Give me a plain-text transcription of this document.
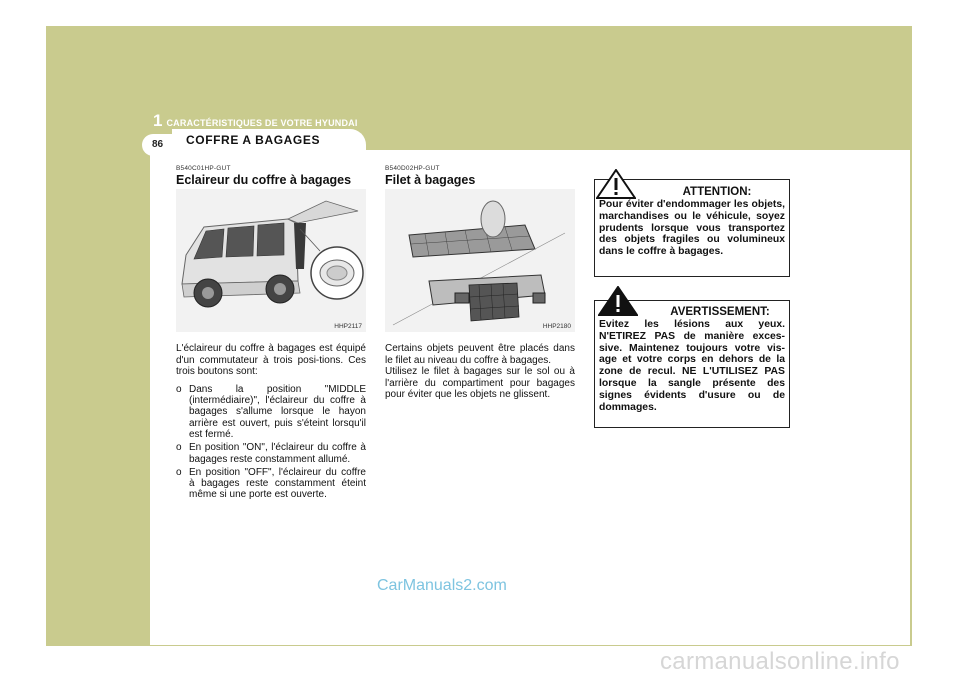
1 CARACTÉRISTIQUES DE VOTRE HYUNDAI
86 COFFRE A BAGAGES
B540C01HP-GUT
Eclaireur du coffre à bagages
HHP2117
L'éclaireur du coffre à bagages est équipé d'un commutateur à trois posi-tions. Ces trois boutons sont:
o Dans la position "MIDDLE (intermédiaire)", l'éclaireur du coffre à bagages s'allume lorsque le hayon arrière est ouvert, puis s'éteint lorsqu'il est fermé.
o En position "ON", l'éclaireur du coffre à bagages reste constamment allumé.
o En position "OFF", l'éclaireur du coffre à bagages reste constamment éteint même si une porte est ouverte.
B540D02HP-GUT
Filet à bagages
HHP2180
Certains objets peuvent être placés dans le filet au niveau du coffre à bagages.
Utilisez le filet à bagages sur le sol ou à l'arrière du compartiment pour bagages pour éviter que les objets ne glissent.
ATTENTION:
Pour éviter d'endommager les objets, marchandises ou le véhicule, soyez prudents lorsque vous transportez des objets fragiles ou volumineux dans le coffre à bagages.
AVERTISSEMENT:
Evitez les lésions aux yeux. N'ETIREZ PAS de manière exces-sive. Maintenez toujours votre vis-age et votre corps en dehors de la zone de recul. NE L'UTILISEZ PAS lorsque la sangle présente des signes évidents d'usure ou de dommages.
CarManuals2.com
carmanualsonline.info
